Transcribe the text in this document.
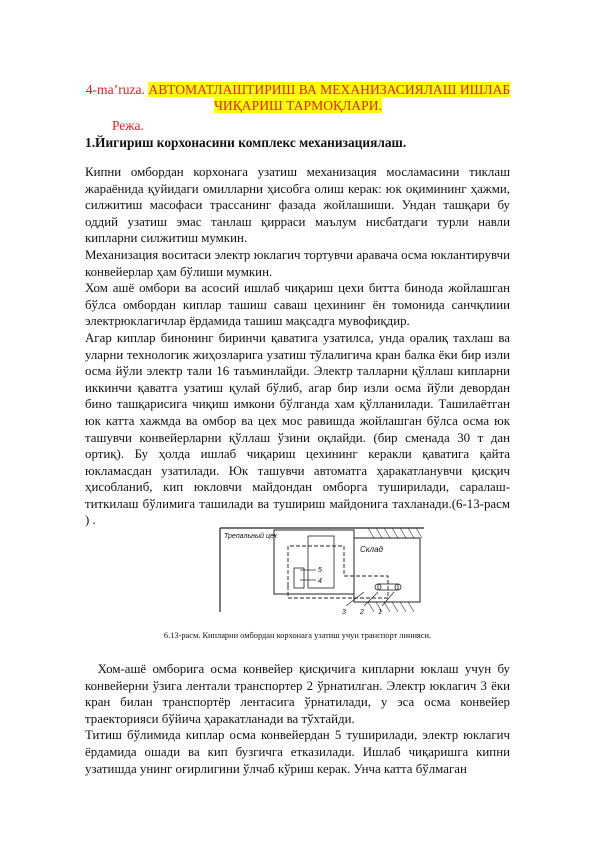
4-ma’ruza. АВТОМАТЛАШТИРИШ ВА МЕХАНИЗАСИЯЛАШ ИШЛАБ ЧИҚАРИШ ТАРМОҚЛАРИ.
Режа.
1.Йигириш корхонасини комплекс механизациялаш.

Кипни омбордан корхонага узатиш механизация мосламасини тиклаш жараёнида қуйидаги омилларни ҳисобга олиш керак: юк оқимининг ҳажми, силжитиш масофаси трассанинг фазада жойлашиши. Ундан ташқари бу оддий узатиш эмас танлаш қирраси маълум нисбатдаги турли навли кипларни силжитиш мумкин.

Механизация воситаси электр юклагич тортувчи аравача осма юклантирувчи конвейерлар ҳам бўлиши мумкин.

Хом ашё омбори ва асосий ишлаб чиқариш цехи битта бинода жойлашган бўлса омбордан киплар ташиш саваш цехининг ён томонида санчқлиии электрюклагичлар ёрдамида ташиш мақсадга мувофиқдир.

Агар киплар бинонинг биринчи қаватига узатилса, унда оралиқ тахлаш ва уларни технологик жиҳозларига узатиш тўлалигича кран балка ёки бир изли осма йўли электр тали 16 таъминлайди. Электр талларни қўллаш кипларни иккинчи қаватга узатиш қулай бўлиб, агар бир изли осма йўли девордан бино ташқарисига чиқиш имкони бўлганда хам қўлланилади. Ташилаётган юк катта хажмда ва омбор ва цех мос равишда жойлашган бўлса осма юк ташувчи конвейерларни қўллаш ўзини оқлайди. (бир сменада 30 т дан ортиқ). Бу ҳолда ишлаб чиқариш цехининг керакли қаватига қайта юкламасдан узатилади. Юк ташувчи автоматга ҳаракатланувчи қисқич ҳисобланиб, кип юкловчи майдондан омборга туширилади, саралаш-титкилаш бўлимига ташилади ва тушириш майдонига тахланади.(6-13-расм ) .

Трепальный цех
Склад
5
4
3 2 1
6.13-расм. Кипларни омбордан корхонага узатиш учун транспорт линияси.

Хом-ашё омборига осма конвейер қисқичига кипларни юклаш учун бу конвейерни ўзига лентали транспортер 2 ўрнатилган. Электр юклагич 3 ёки кран билан транспортёр лентасига ўрнатилади, у эса осма конвейер траекторияси бўйича ҳаракатланади ва тўхтайди.

Титиш бўлимида киплар осма конвейердан 5 туширилади, электр юклагич ёрдамида ошади ва кип бузгичга етказилади. Ишлаб чиқаришга кипни узатишда унинг оғирлигини ўлчаб кўриш керак. Унча катта бўлмаган
